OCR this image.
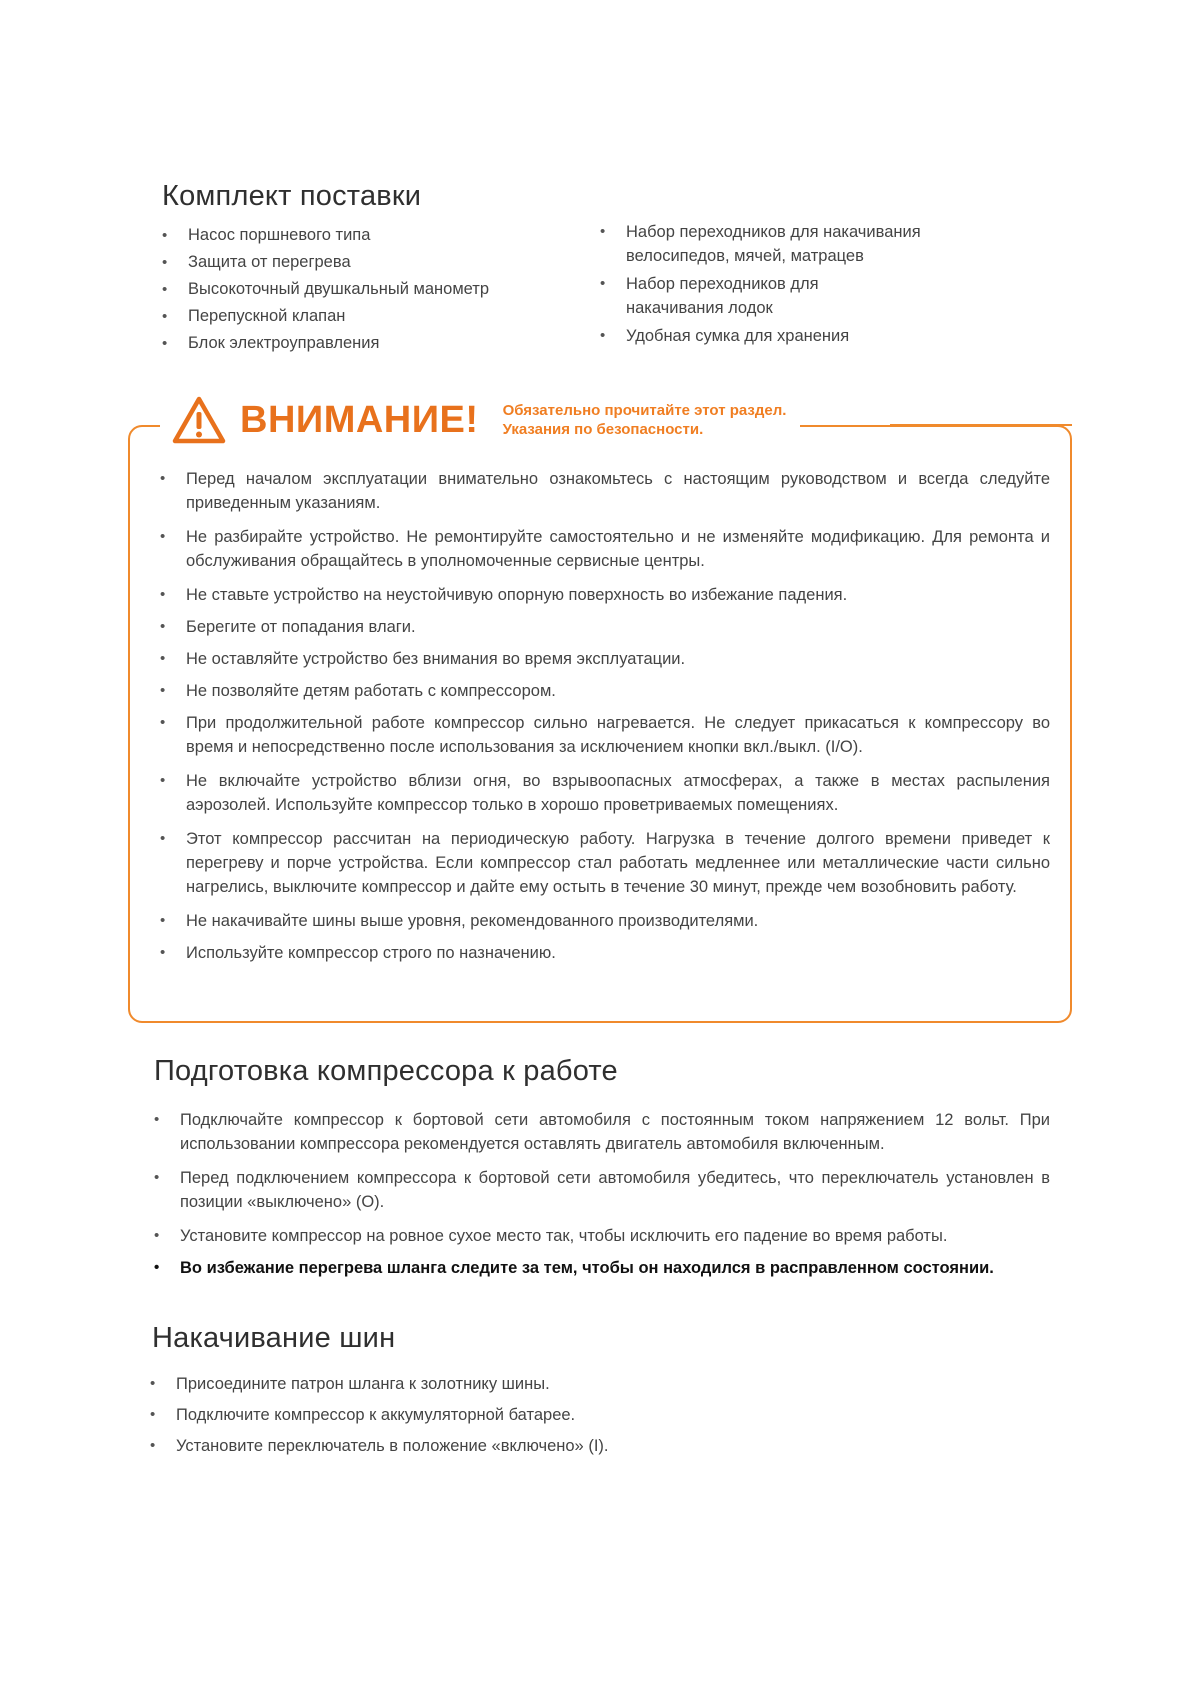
Комплект поставки
• Насос поршневого типа
• Защита от перегрева
• Высокоточный двушкальный манометр
• Перепускной клапан
• Блок электроуправления
• Набор переходников для накачивания велосипедов, мячей, матрацев
• Набор переходников для накачивания лодок
• Удобная сумка для хранения
ВНИМАНИЕ! Обязательно прочитайте этот раздел.
Указания по безопасности.
• Перед началом эксплуатации внимательно ознакомьтесь с настоящим руководством и всегда следуйте приведенным указаниям.
• Не разбирайте устройство. Не ремонтируйте самостоятельно и не изменяйте модификацию. Для ремонта и обслуживания обращайтесь в уполномоченные сервисные центры.
• Не ставьте устройство на неустойчивую опорную поверхность во избежание падения.
• Берегите от попадания влаги.
• Не оставляйте устройство без внимания во время эксплуатации.
• Не позволяйте детям работать с компрессором.
• При продолжительной работе компрессор сильно нагревается. Не следует прикасаться к компрессору во время и непосредственно после использования за исключением кнопки вкл./выкл. (I/O).
• Не включайте устройство вблизи огня, во взрывоопасных атмосферах, а также в местах распыления аэрозолей. Используйте компрессор только в хорошо проветриваемых помещениях.
• Этот компрессор рассчитан на периодическую работу. Нагрузка в течение долгого времени приведет к перегреву и порче устройства. Если компрессор стал работать медленнее или металлические части сильно нагрелись, выключите компрессор и дайте ему остыть в течение 30 минут, прежде чем возобновить работу.
• Не накачивайте шины выше уровня, рекомендованного производителями.
• Используйте компрессор строго по назначению.
Подготовка компрессора к работе
• Подключайте компрессор к бортовой сети автомобиля с постоянным током напряжением 12 вольт. При использовании компрессора рекомендуется оставлять двигатель автомобиля включенным.
• Перед подключением компрессора к бортовой сети автомобиля убедитесь, что переключатель установлен в позиции «выключено» (О).
• Установите компрессор на ровное сухое место так, чтобы исключить его падение во время работы.
• Во избежание перегрева шланга следите за тем, чтобы он находился в расправленном состоянии.
Накачивание шин
• Присоедините патрон шланга к золотнику шины.
• Подключите компрессор к аккумуляторной батарее.
• Установите переключатель в положение «включено» (I).
